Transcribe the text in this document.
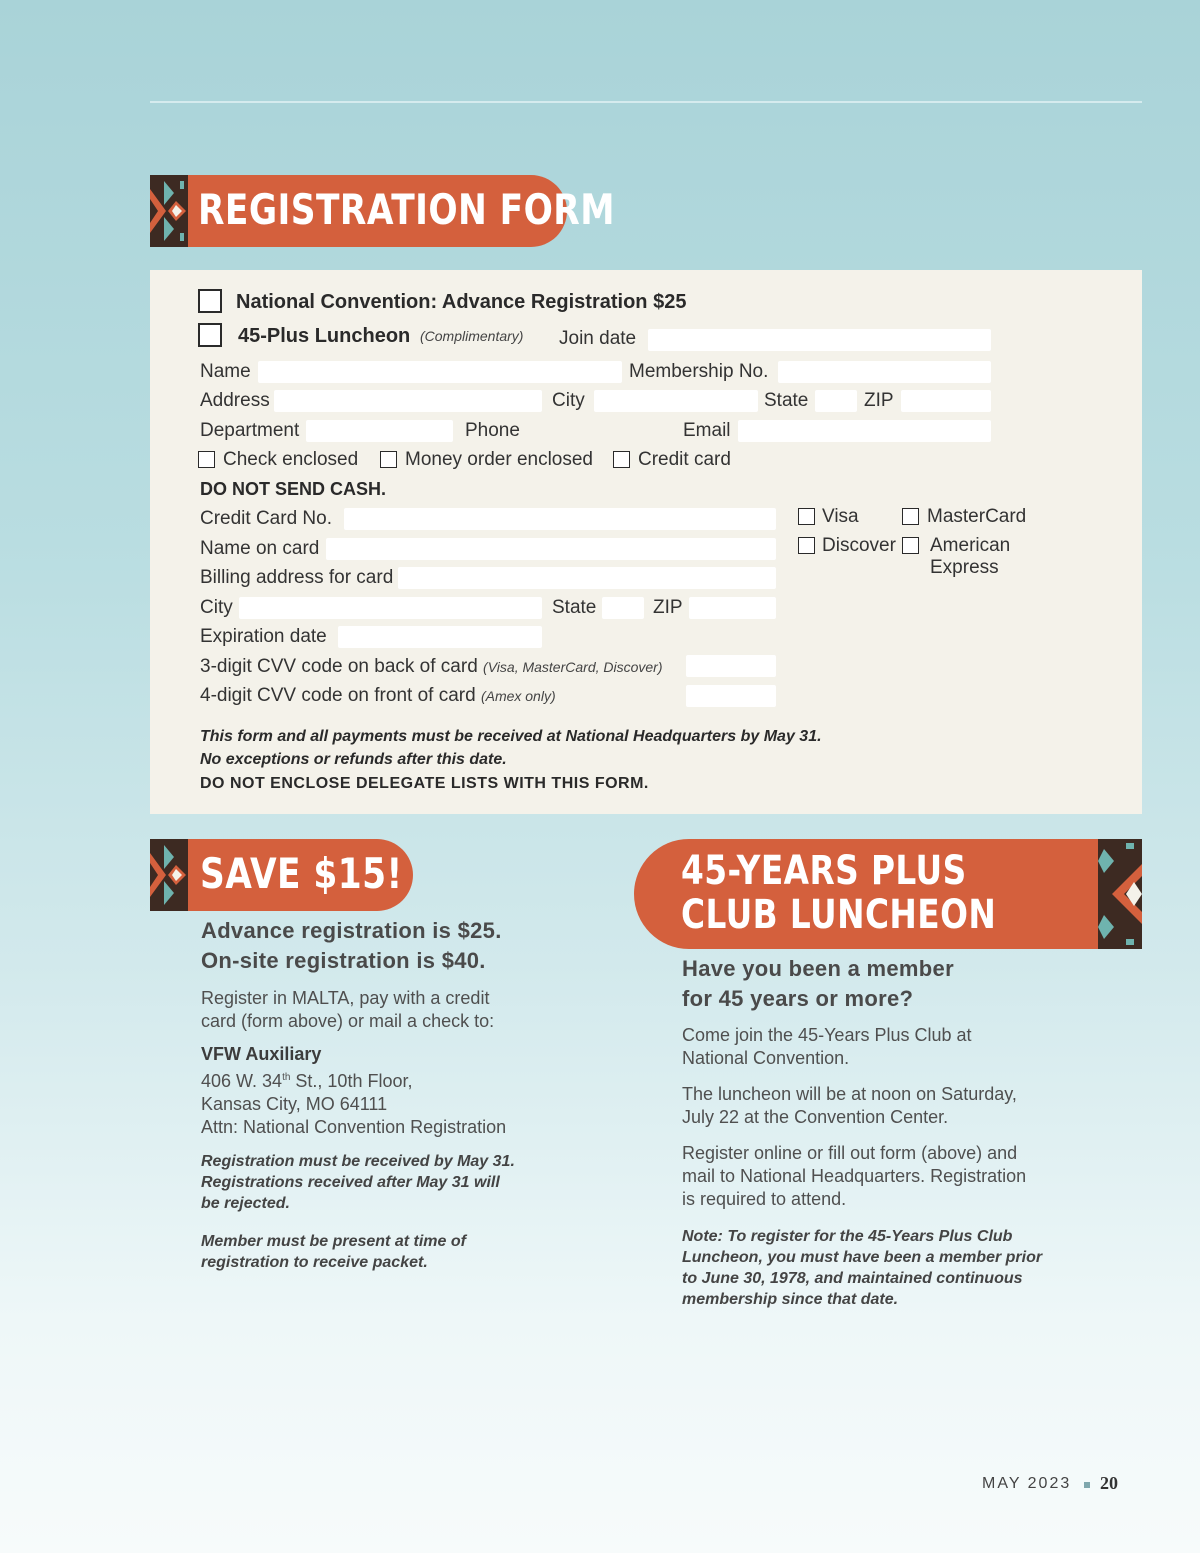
REGISTRATION FORM
National Convention: Advance Registration $25
45-Plus Luncheon (Complimentary) Join date
Name	Membership No.
Address	City	State	ZIP
Department	Phone	Email
Check enclosed Money order enclosed Credit card
DO NOT SEND CASH.
Credit Card No.
Name on card
Billing address for card
City	State	ZIP
Expiration date
3-digit CVV code on back of card (Visa, MasterCard, Discover)
4-digit CVV code on front of card (Amex only)
Visa	MasterCard
Discover American
Express
This form and all payments must be received at National Headquarters by May 31.
No exceptions or refunds after this date.
DO NOT ENCLOSE DELEGATE LISTS WITH THIS FORM.
SAVE $15!	45-YEARS PLUS
CLUB LUNCHEON
Advance registration is $25.
On-site registration is $40.
Register in MALTA, pay with a credit
card (form above) or mail a check to:
VFW Auxiliary
406 W. 34th St., 10th Floor,
Kansas City, MO 64111
Attn: National Convention Registration
Registration must be received by May 31.
Registrations received after May 31 will
be rejected.
Member must be present at time of
registration to receive packet.
Have you been a member
for 45 years or more?
Come join the 45-Years Plus Club at
National Convention.
The luncheon will be at noon on Saturday,
July 22 at the Convention Center.
Register online or fill out form (above) and
mail to National Headquarters. Registration
is required to attend.
Note: To register for the 45-Years Plus Club
Luncheon, you must have been a member prior
to June 30, 1978, and maintained continuous
membership since that date.
MAY 2023 20
